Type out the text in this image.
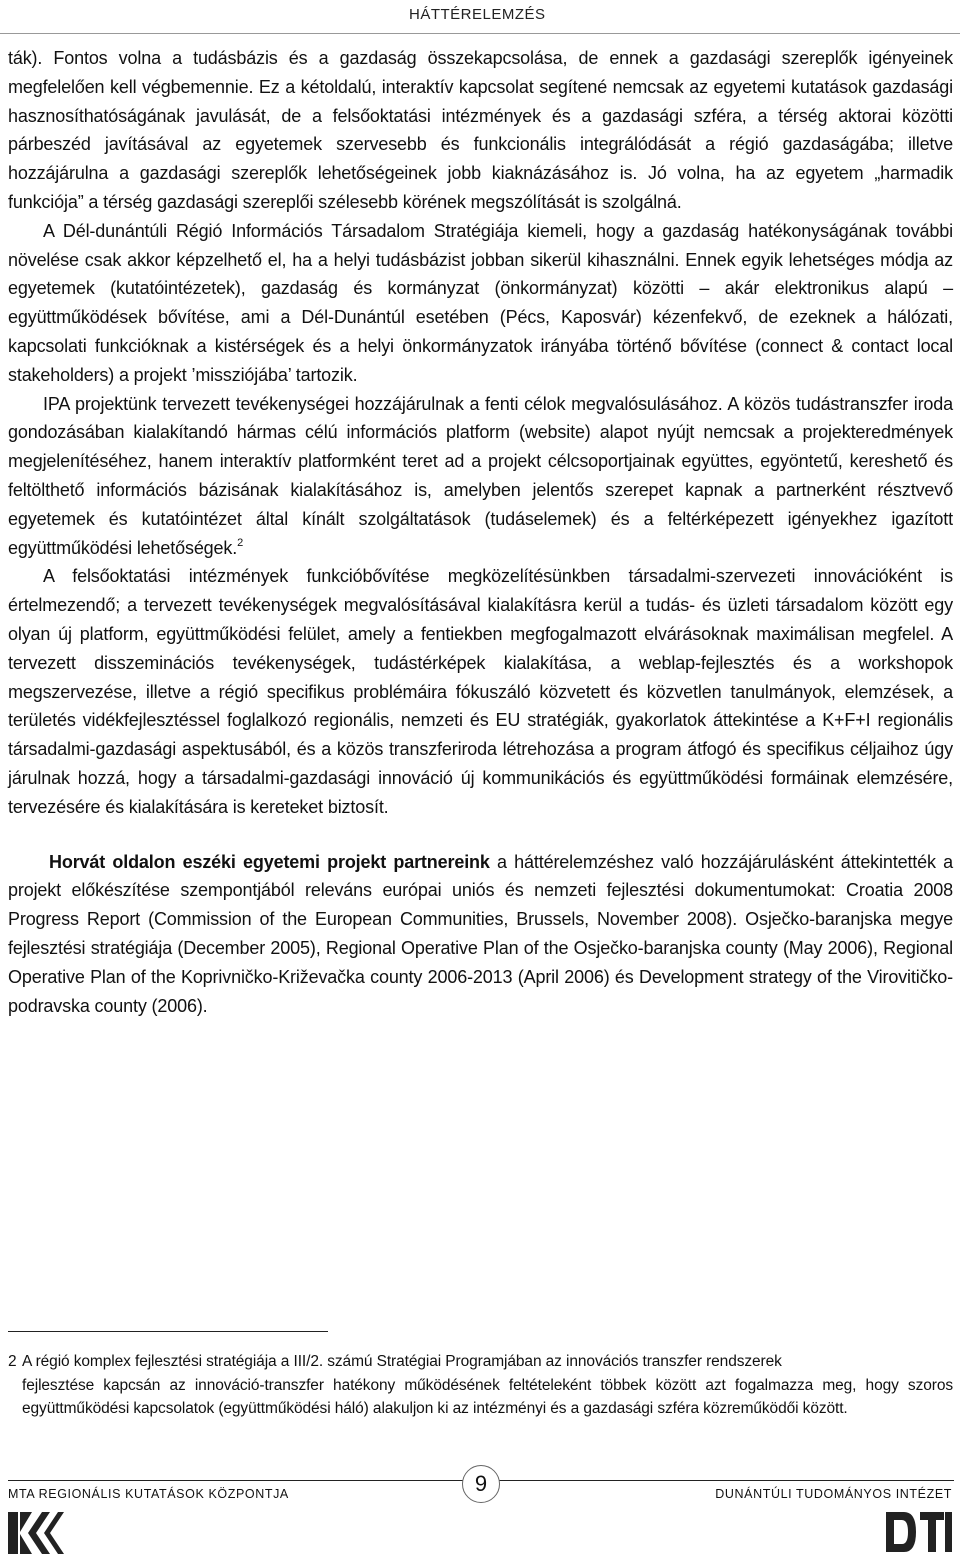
HÁTTÉRELEMZÉS

ták). Fontos volna a tudásbázis és a gazdaság összekapcsolása, de ennek a gazdasági szereplők igényeinek megfelelően kell végbemennie. Ez a kétoldalú, interaktív kapcsolat segítené nemcsak az egyetemi kutatások gazdasági hasznosíthatóságának javulását, de a felsőoktatási intézmények és a gazdasági szféra, a térség aktorai közötti párbeszéd javításával az egyetemek szervesebb és funkcionális integrálódását a régió gazdaságába; illetve hozzájárulna a gazdasági szereplők lehetőségeinek jobb kiaknázásához is. Jó volna, ha az egyetem „harmadik funkciója” a térség gazdasági szereplői szélesebb körének megszólítását is szolgálná.

A Dél-dunántúli Régió Információs Társadalom Stratégiája kiemeli, hogy a gazdaság hatékonyságának további növelése csak akkor képzelhető el, ha a helyi tudásbázist jobban sikerül kihasználni. Ennek egyik lehetséges módja az egyetemek (kutatóintézetek), gazdaság és kormányzat (önkormányzat) közötti – akár elektronikus alapú – együttműködések bővítése, ami a Dél-Dunántúl esetében (Pécs, Kaposvár) kézenfekvő, de ezeknek a hálózati, kapcsolati funkcióknak a kistérségek és a helyi önkormányzatok irányába történő bővítése (connect & contact local stakeholders) a projekt ’missziójába’ tartozik.

IPA projektünk tervezett tevékenységei hozzájárulnak a fenti célok megvalósulásához. A közös tudástranszfer iroda gondozásában kialakítandó hármas célú információs platform (website) alapot nyújt nemcsak a projekteredmények megjelenítéséhez, hanem interaktív platformként teret ad a projekt célcsoportjainak együttes, egyöntetű, kereshető és feltölthető információs bázisának kialakításához is, amelyben jelentős szerepet kapnak a partnerként résztvevő egyetemek és kutatóintézet által kínált szolgáltatások (tudáselemek) és a feltérképezett igényekhez igazított együttműködési lehetőségek.$^2$

A felsőoktatási intézmények funkcióbővítése megközelítésünkben társadalmi-szervezeti innovációként is értelmezendő; a tervezett tevékenységek megvalósításával kialakításra kerül a tudás- és üzleti társadalom között egy olyan új platform, együttműködési felület, amely a fentiekben megfogalmazott elvárásoknak maximálisan megfelel. A tervezett disszeminációs tevékenységek, tudástérképek kialakítása, a weblap-fejlesztés és a workshopok megszervezése, illetve a régió specifikus problémáira fókuszáló közvetett és közvetlen tanulmányok, elemzések, a területés vidékfejlesztéssel foglalkozó regionális, nemzeti és EU stratégiák, gyakorlatok áttekintése a K+F+I regionális társadalmi-gazdasági aspektusából, és a közös transzferiroda létrehozása a program átfogó és specifikus céljaihoz úgy járulnak hozzá, hogy a társadalmi-gazdasági innováció új kommunikációs és együttműködési formáinak elemzésére, tervezésére és kialakítására is kereteket biztosít.

Horvát oldalon eszéki egyetemi projekt partnereink a háttérelemzéshez való hozzájárulásként áttekintették a projekt előkészítése szempontjából releváns európai uniós és nemzeti fejlesztési dokumentumokat: Croatia 2008 Progress Report (Commission of the European Communities, Brussels, November 2008). Osječko-baranjska megye fejlesztési stratégiája (December 2005), Regional Operative Plan of the Osječko-baranjska county (May 2006), Regional Operative Plan of the Koprivničko-Križevačka county 2006-2013 (April 2006) és Development strategy of the Virovitičko-podravska county (2006).

2 A régió komplex fejlesztési stratégiája a III/2. számú Stratégiai Programjában az innovációs transzfer rendszerek
fejlesztése kapcsán az innováció-transzfer hatékony működésének feltételeként többek között azt fogalmazza meg, hogy szoros együttműködési kapcsolatok (együttműködési háló) alakuljon ki az intézményi és a gazdasági szféra közreműködői között.
MTA REGIONÁLIS KUTATÁSOK KÖZPONTJA	DUNÁNTÚLI TUDOMÁNYOS INTÉZET
9
